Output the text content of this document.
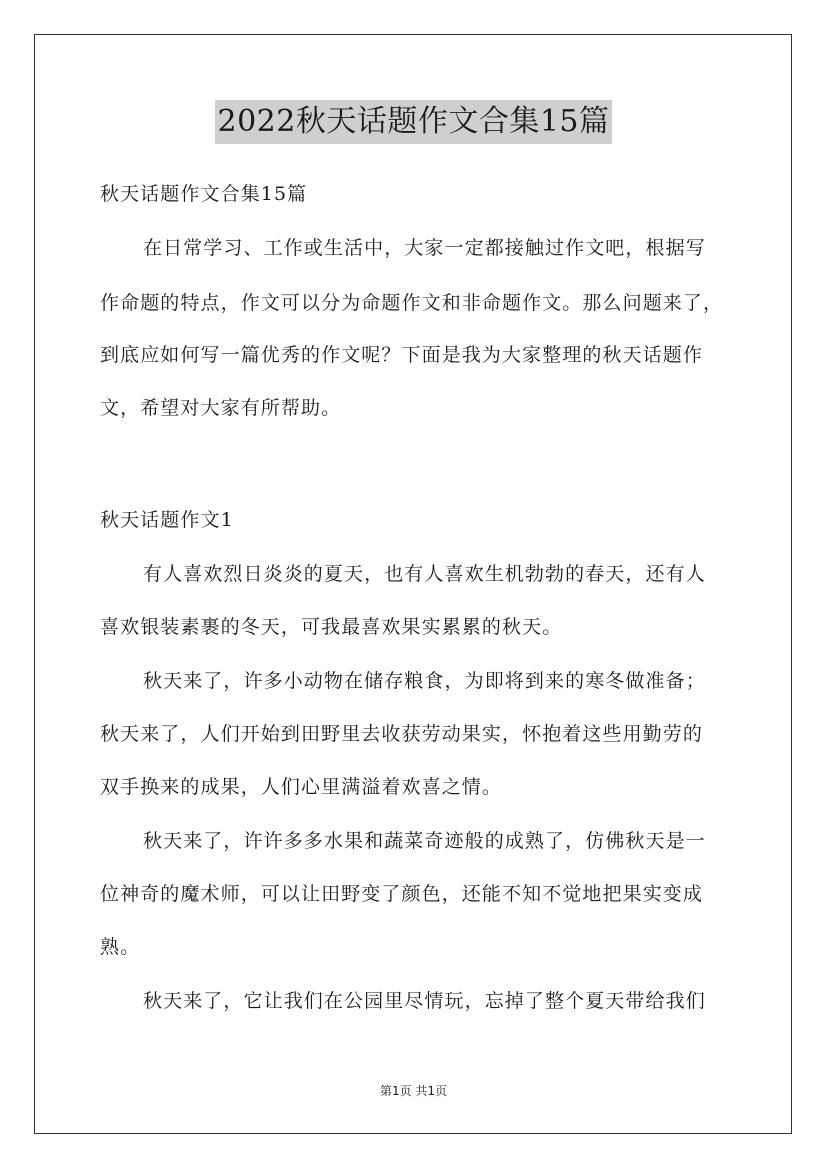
2022秋天话题作文合集15篇
秋天话题作文合集15篇
在日常学习、工作或生活中，大家一定都接触过作文吧，根据写
作命题的特点，作文可以分为命题作文和非命题作文。那么问题来了，
到底应如何写一篇优秀的作文呢？下面是我为大家整理的秋天话题作
文，希望对大家有所帮助。
秋天话题作文1
有人喜欢烈日炎炎的夏天，也有人喜欢生机勃勃的春天，还有人
喜欢银装素裹的冬天，可我最喜欢果实累累的秋天。
秋天来了，许多小动物在储存粮食，为即将到来的寒冬做准备；
秋天来了，人们开始到田野里去收获劳动果实，怀抱着这些用勤劳的
双手换来的成果，人们心里满溢着欢喜之情。
秋天来了，许许多多水果和蔬菜奇迹般的成熟了，仿佛秋天是一
位神奇的魔术师，可以让田野变了颜色，还能不知不觉地把果实变成
熟。
秋天来了，它让我们在公园里尽情玩，忘掉了整个夏天带给我们
第1页 共1页
